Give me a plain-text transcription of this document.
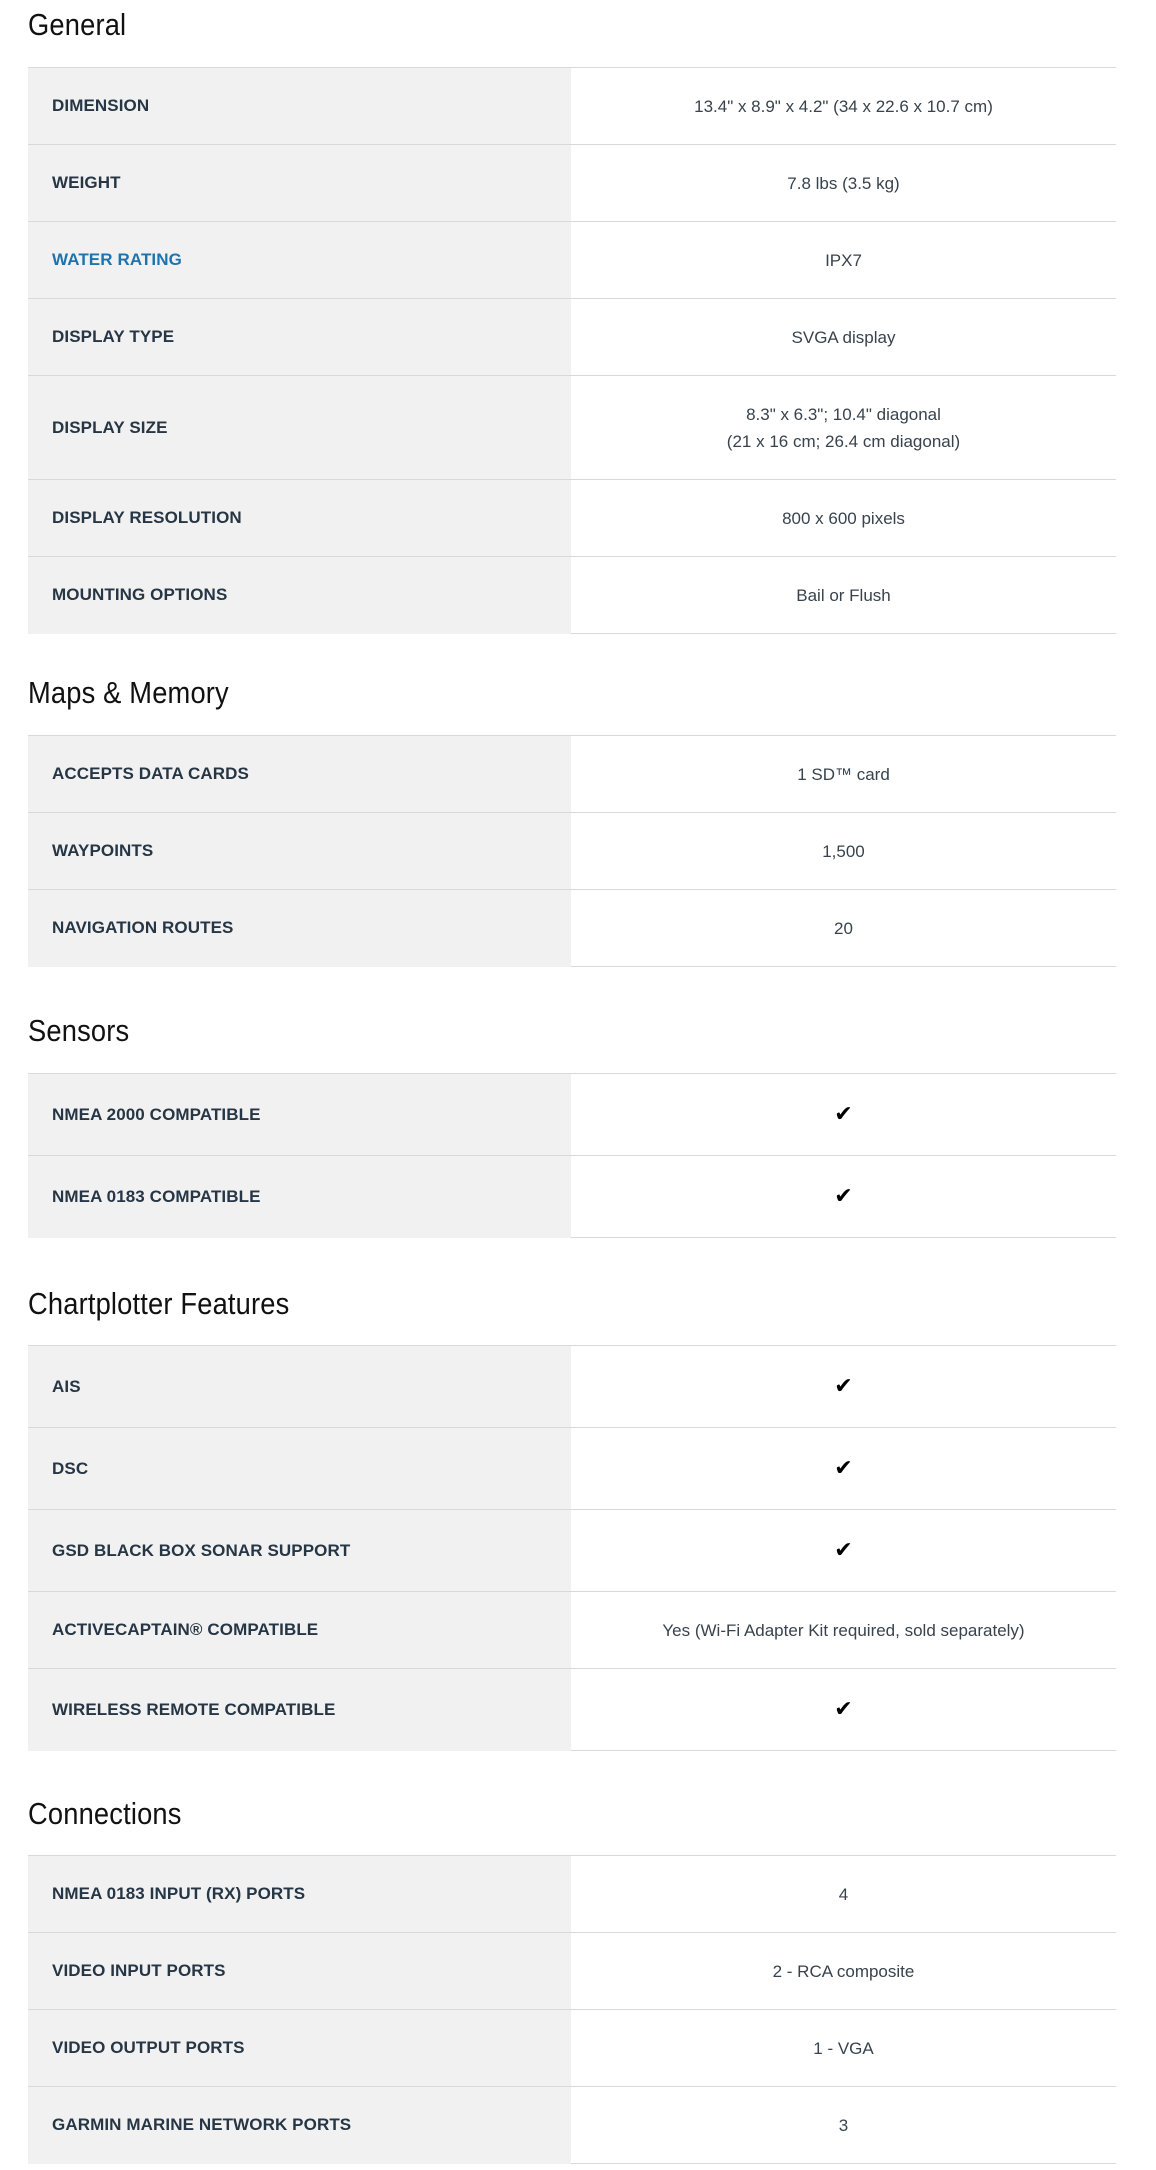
General
DIMENSION	13.4" x 8.9" x 4.2" (34 x 22.6 x 10.7 cm)
WEIGHT	7.8 lbs (3.5 kg)
WATER RATING	IPX7
DISPLAY TYPE	SVGA display
DISPLAY SIZE	8.3" x 6.3"; 10.4" diagonal
(21 x 16 cm; 26.4 cm diagonal)

DISPLAY RESOLUTION	800 x 600 pixels
MOUNTING OPTIONS	Bail or Flush
Maps & Memory
ACCEPTS DATA CARDS	1 SD™ card
WAYPOINTS	1,500
NAVIGATION ROUTES	20
Sensors
NMEA 2000 COMPATIBLE	✔
NMEA 0183 COMPATIBLE	✔
Chartplotter Features
AIS	✔
DSC	✔
GSD BLACK BOX SONAR SUPPORT	✔
ACTIVECAPTAIN® COMPATIBLE	Yes (Wi-Fi Adapter Kit required, sold separately)
WIRELESS REMOTE COMPATIBLE	✔
Connections
NMEA 0183 INPUT (RX) PORTS	4
VIDEO INPUT PORTS	2 - RCA composite
VIDEO OUTPUT PORTS	1 - VGA
GARMIN MARINE NETWORK PORTS	3
